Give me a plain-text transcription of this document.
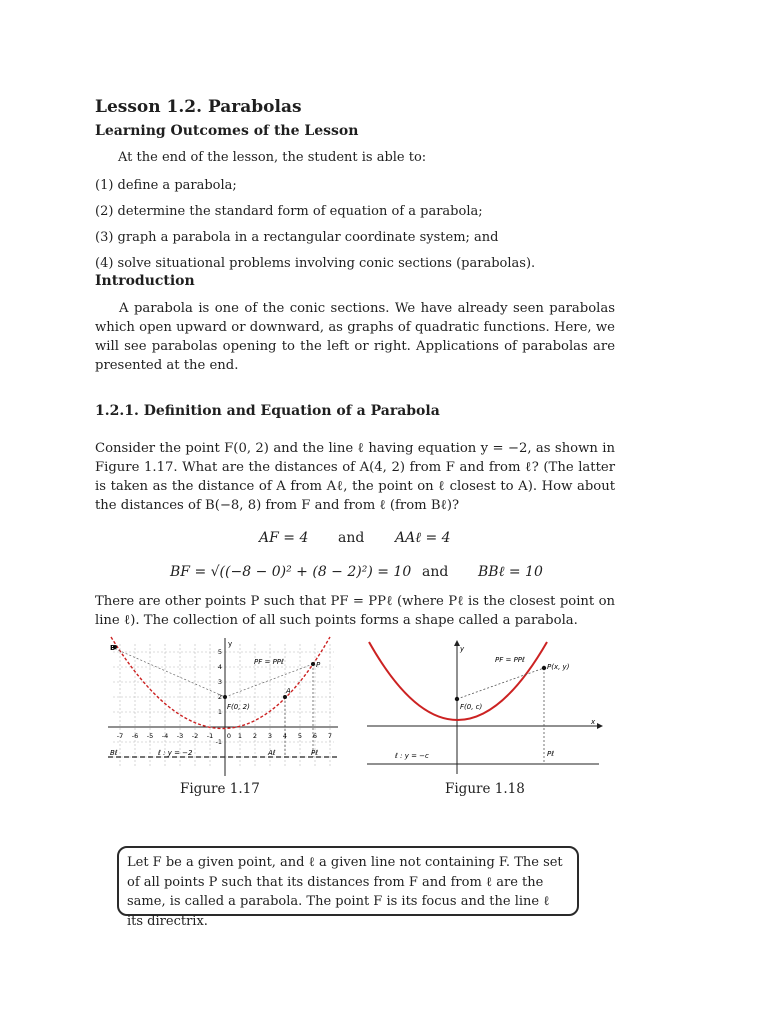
Lesson 1.2. Parabolas
Learning Outcomes of the Lesson
At the end of the lesson, the student is able to:
(1) define a parabola;
(2) determine the standard form of equation of a parabola;
(3) graph a parabola in a rectangular coordinate system; and
(4) solve situational problems involving conic sections (parabolas).
Introduction
A parabola is one of the conic sections. We have already seen parabolas which open upward or downward, as graphs of quadratic functions. Here, we will see parabolas opening to the left or right. Applications of parabolas are presented at the end.
1.2.1. Definition and Equation of a Parabola
Consider the point F(0, 2) and the line ℓ having equation y = −2, as shown in Figure 1.17. What are the distances of A(4, 2) from F and from ℓ? (The latter is taken as the distance of A from Aℓ, the point on ℓ closest to A). How about the distances of B(−8, 8) from F and from ℓ (from Bℓ)?
AF = 4 and AAℓ = 4
BF = √((−8 − 0)² + (8 − 2)²) = 10 and BBℓ = 10
There are other points P such that PF = PPℓ (where Pℓ is the closest point on line ℓ). The collection of all such points forms a shape called a parabola.
B	y
PF = PPℓ	P
A
F(0, 2)
Bℓ	ℓ : y = −2	Aℓ	Pℓ
-7 -6 -5 -4 -3 -2 -1 0 1 2 3 4 5 6 7
5
4
3
2
1
-1
Figure 1.17
y
x
PF = PPℓ
P(x, y)
F(0, c)
ℓ : y = −c	Pℓ
Figure 1.18
Let F be a given point, and ℓ a given line not containing F. The set of all points P such that its distances from F and from ℓ are the same, is called a parabola. The point F is its focus and the line ℓ its directrix.
